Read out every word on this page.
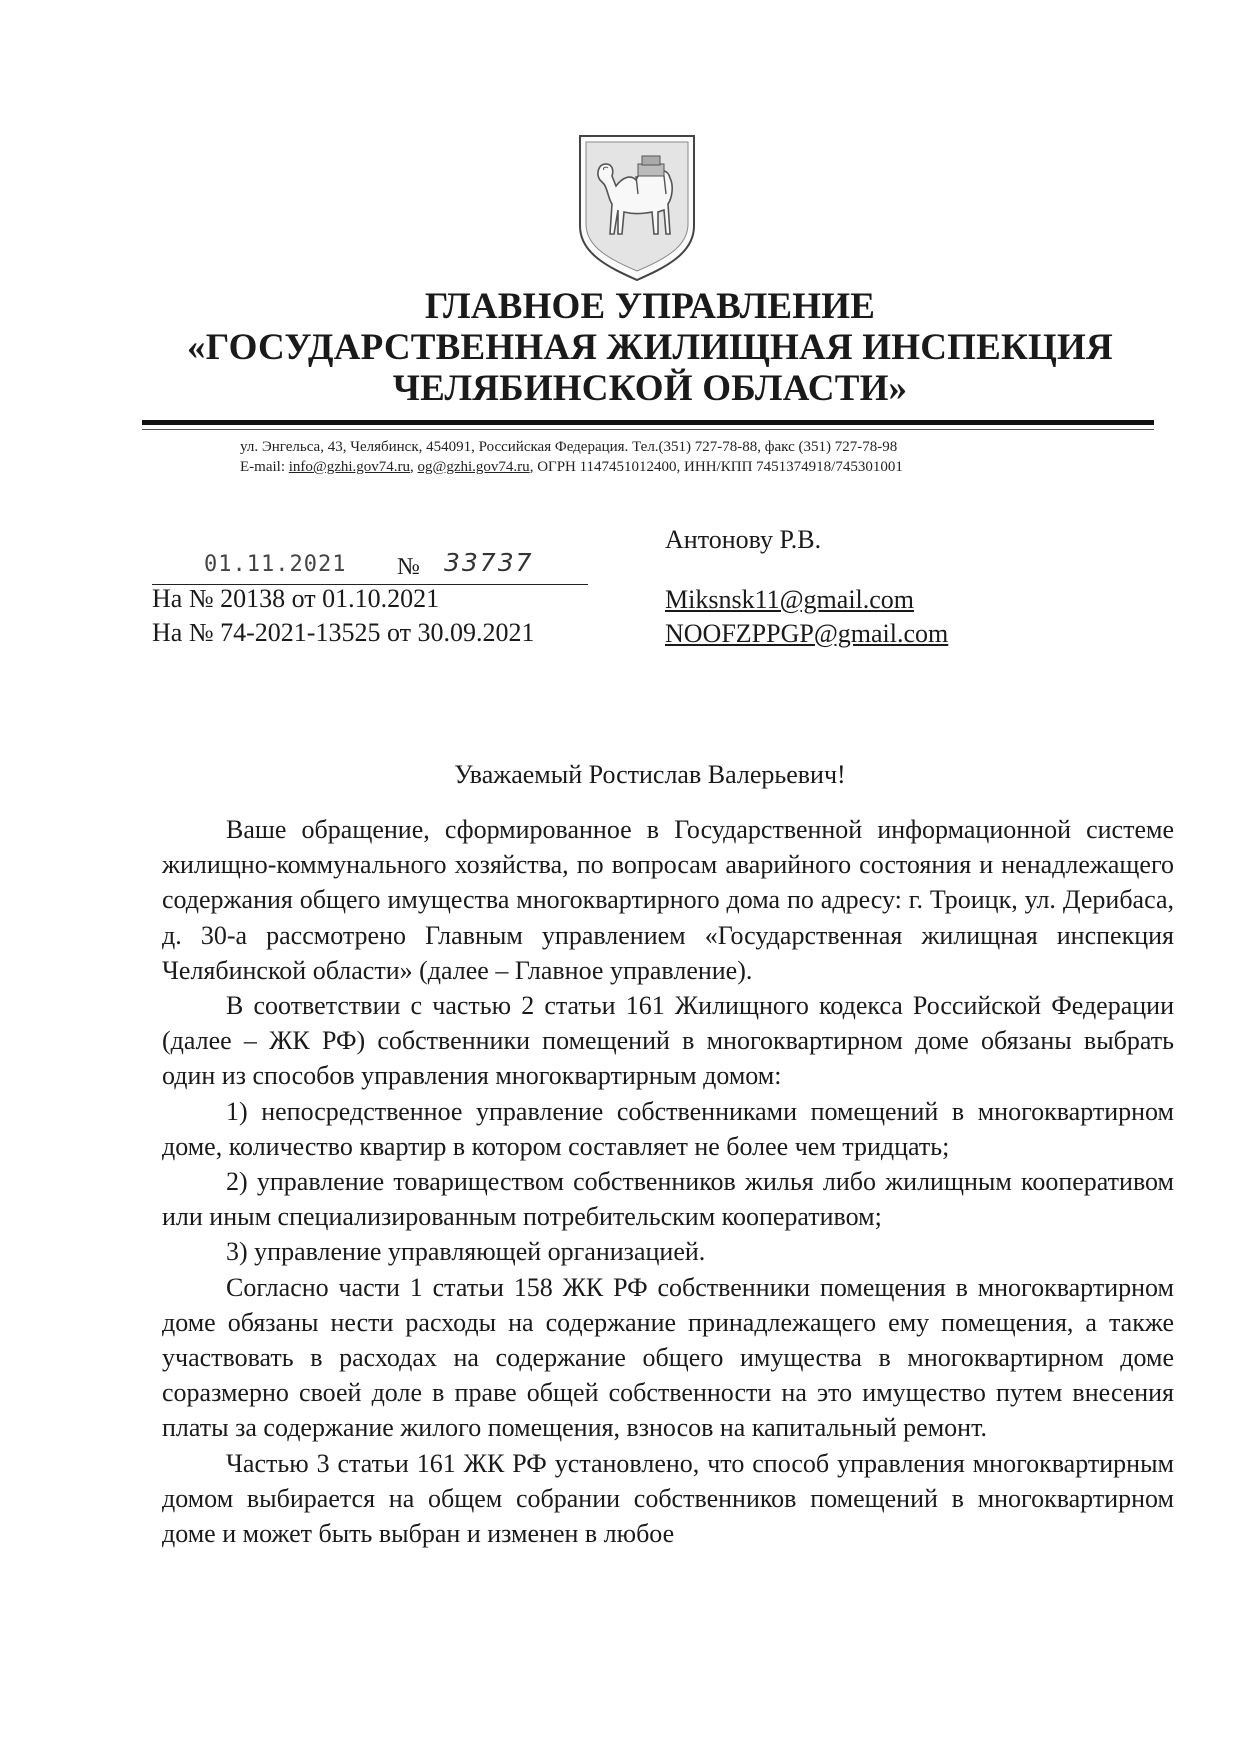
ГЛАВНОЕ УПРАВЛЕНИЕ
«ГОСУДАРСТВЕННАЯ ЖИЛИЩНАЯ ИНСПЕКЦИЯ
ЧЕЛЯБИНСКОЙ ОБЛАСТИ»
ул. Энгельса, 43, Челябинск, 454091, Российская Федерация. Тел.(351) 727-78-88, факс (351) 727-78-98
E-mail: info@gzhi.gov74.ru, og@gzhi.gov74.ru, ОГРН 1147451012400, ИНН/КПП 7451374918/745301001
01.11.2021 № 33737
На № 20138 от 01.10.2021
На № 74-2021-13525 от 30.09.2021
Антонову Р.В.
Miksnsk11@gmail.com
NOOFZPPGP@gmail.com
Уважаемый Ростислав Валерьевич!

Ваше обращение, сформированное в Государственной информационной системе жилищно-коммунального хозяйства, по вопросам аварийного состояния и ненадлежащего содержания общего имущества многоквартирного дома по адресу: г. Троицк, ул. Дерибаса, д. 30-а рассмотрено Главным управлением «Государственная жилищная инспекция Челябинской области» (далее – Главное управление).

В соответствии с частью 2 статьи 161 Жилищного кодекса Российской Федерации (далее – ЖК РФ) собственники помещений в многоквартирном доме обязаны выбрать один из способов управления многоквартирным домом:

1) непосредственное управление собственниками помещений в многоквартирном доме, количество квартир в котором составляет не более чем тридцать;

2) управление товариществом собственников жилья либо жилищным кооперативом или иным специализированным потребительским кооперативом;

3) управление управляющей организацией.

Согласно части 1 статьи 158 ЖК РФ собственники помещения в многоквартирном доме обязаны нести расходы на содержание принадлежащего ему помещения, а также участвовать в расходах на содержание общего имущества в многоквартирном доме соразмерно своей доле в праве общей собственности на это имущество путем внесения платы за содержание жилого помещения, взносов на капитальный ремонт.

Частью 3 статьи 161 ЖК РФ установлено, что способ управления многоквартирным домом выбирается на общем собрании собственников помещений в многоквартирном доме и может быть выбран и изменен в любое
